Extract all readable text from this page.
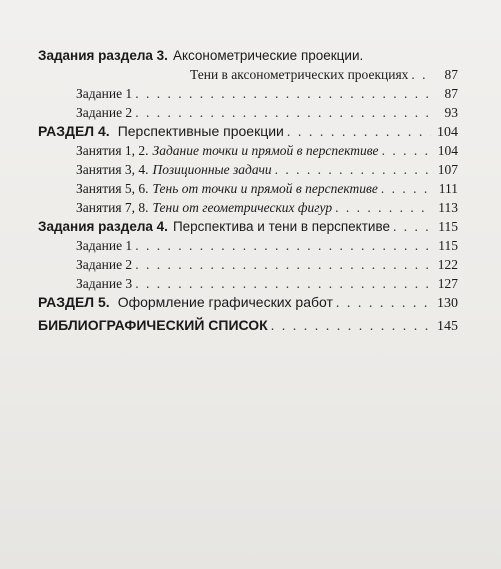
Задания раздела 3. Аксонометрические проекции.
Тени в аксонометрических проекциях . . .	87
Задание 1 . . .	87
Задание 2 . . .	93
РАЗДЕЛ 4. Перспективные проекции . . .	104
Занятия 1, 2. Задание точки и прямой в перспективе . . .	104
Занятия 3, 4. Позиционные задачи . . .	107
Занятия 5, 6. Тень от точки и прямой в перспективе . . .	111
Занятия 7, 8. Тени от геометрических фигур . . .	113
Задания раздела 4. Перспектива и тени в перспективе . . .	115
Задание 1 . . .	115
Задание 2 . . .	122
Задание 3 . . .	127
РАЗДЕЛ 5. Оформление графических работ . . .	130
БИБЛИОГРАФИЧЕСКИЙ СПИСОК . . .	145
